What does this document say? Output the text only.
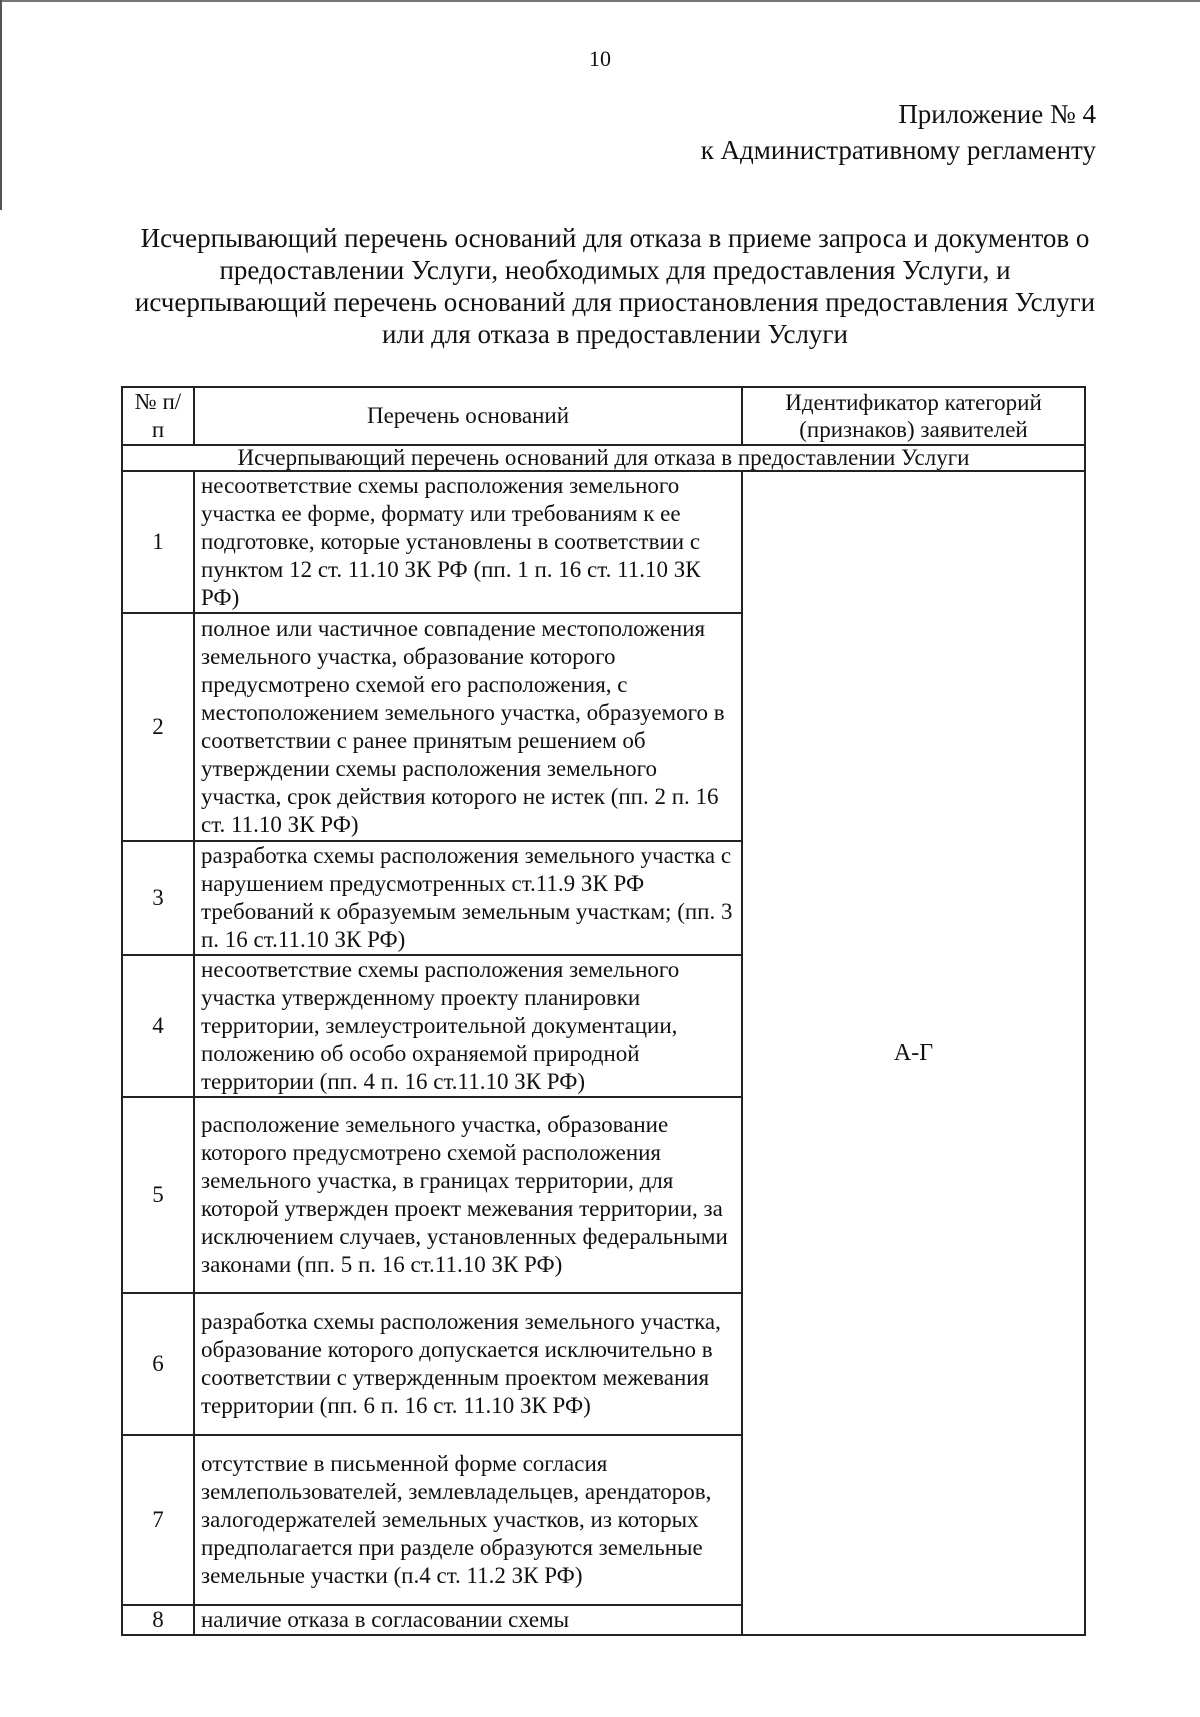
10
Приложение № 4
к Административному регламенту
Исчерпывающий перечень оснований для отказа в приеме запроса и документов о
предоставлении Услуги, необходимых для предоставления Услуги, и
исчерпывающий перечень оснований для приостановления предоставления Услуги
или для отказа в предоставлении Услуги
№ п/п	Перечень оснований	Идентификатор категорий (признаков) заявителей
Исчерпывающий перечень оснований для отказа в предоставлении Услуги		
1	несоответствие схемы расположения земельного участка ее форме, формату или требованиям к ее подготовке, которые установлены в соответствии с пунктом 12 ст. 11.10 ЗК РФ (пп. 1 п. 16 ст. 11.10 ЗК РФ)	А-Г
2	полное или частичное совпадение местоположения земельного участка, образование которого предусмотрено схемой его расположения, с местоположением земельного участка, образуемого в соответствии с ранее принятым решением об утверждении схемы расположения земельного участка, срок действия которого не истек (пп. 2 п. 16 ст. 11.10 ЗК РФ)	
3	разработка схемы расположения земельного участка с нарушением предусмотренных ст.11.9 ЗК РФ требований к образуемым земельным участкам; (пп. 3 п. 16 ст.11.10 ЗК РФ)	
4	несоответствие схемы расположения земельного участка утвержденному проекту планировки территории, землеустроительной документации, положению об особо охраняемой природной территории (пп. 4 п. 16 ст.11.10 ЗК РФ)	
5	расположение земельного участка, образование которого предусмотрено схемой расположения земельного участка, в границах территории, для которой утвержден проект межевания территории, за исключением случаев, установленных федеральными законами (пп. 5 п. 16 ст.11.10 ЗК РФ)	
6	разработка схемы расположения земельного участка, образование которого допускается исключительно в соответствии с утвержденным проектом межевания территории (пп. 6 п. 16 ст. 11.10 ЗК РФ)	
7	отсутствие в письменной форме согласия землепользователей, землевладельцев, арендаторов, залогодержателей земельных участков, из которых предполагается при разделе образуются земельные земельные участки (п.4 ст. 11.2 ЗК РФ)	
8	наличие отказа в согласовании схемы	
